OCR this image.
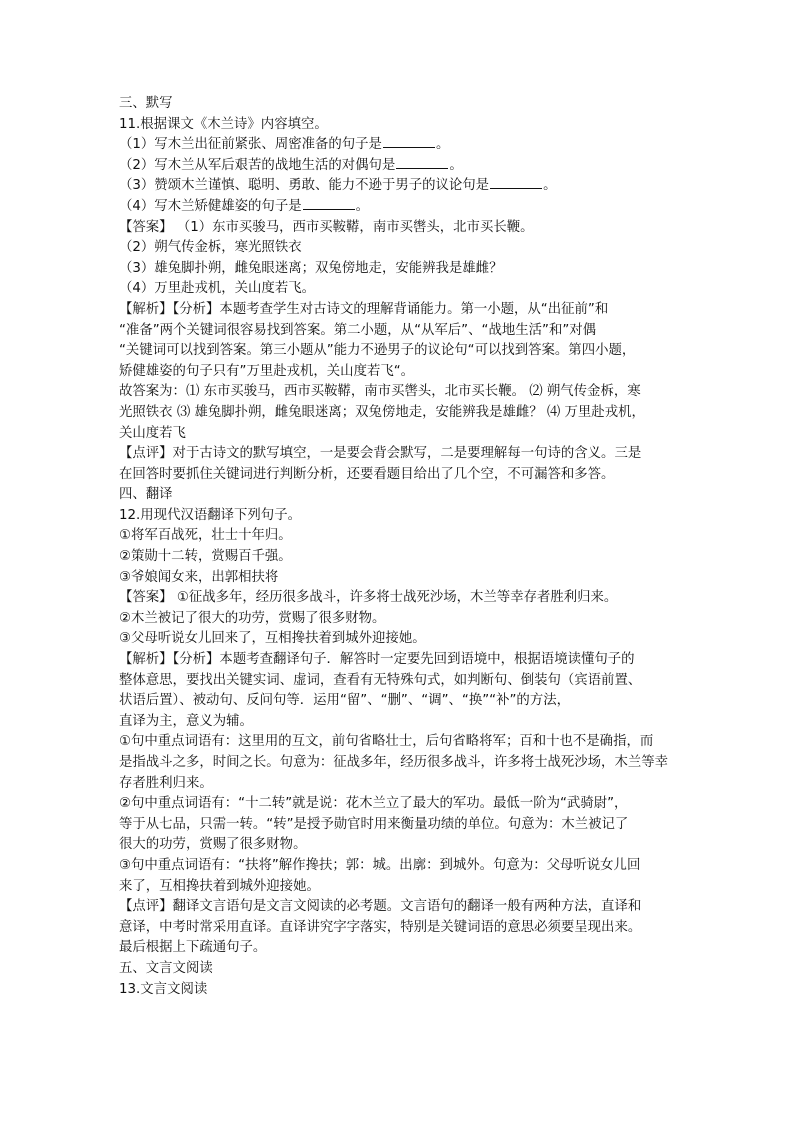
三、默写
11.根据课文《木兰诗》内容填空。
（1）写木兰出征前紧张、周密准备的句子是	。
（2）写木兰从军后艰苦的战地生活的对偶句是	。
（3）赞颂木兰谨慎、聪明、勇敢、能力不逊于男子的议论句是	。
（4）写木兰矫健雄姿的句子是	。
【答案】 （1）东市买骏马，西市买鞍鞯，南市买辔头，北市买长鞭。
（2）朔气传金柝，寒光照铁衣
（3）雄兔脚扑朔，雌兔眼迷离；双兔傍地走，安能辨我是雄雌？
（4）万里赴戎机，关山度若飞。
【解析】【分析】本题考查学生对古诗文的理解背诵能力。第一小题，从“出征前”和
“准备”两个关键词很容易找到答案。第二小题，从“从军后”、“战地生活”和”对偶
“关键词可以找到答案。第三小题从”能力不逊男子的议论句“可以找到答案。第四小题，
矫健雄姿的句子只有”万里赴戎机，关山度若飞“。
故答案为：⑴ 东市买骏马，西市买鞍鞯，南市买辔头，北市买长鞭。 ⑵ 朔气传金柝，寒
光照铁衣 ⑶ 雄兔脚扑朔，雌兔眼迷离；双兔傍地走，安能辨我是雄雌？ ⑷ 万里赴戎机，
关山度若飞
【点评】对于古诗文的默写填空，一是要会背会默写，二是要理解每一句诗的含义。三是
在回答时要抓住关键词进行判断分析，还要看题目给出了几个空，不可漏答和多答。
四、翻译
12.用现代汉语翻译下列句子。
①将军百战死，壮士十年归。
②策勋十二转，赏赐百千强。
③爷娘闻女来，出郭相扶将
【答案】 ①征战多年，经历很多战斗，许多将士战死沙场，木兰等幸存者胜利归来。
②木兰被记了很大的功劳，赏赐了很多财物。
③父母听说女儿回来了，互相搀扶着到城外迎接她。
【解析】【分析】本题考查翻译句子．解答时一定要先回到语境中，根据语境读懂句子的
整体意思，要找出关键实词、虚词，查看有无特殊句式，如判断句、倒装句（宾语前置、
状语后置）、被动句、反问句等．运用“留”、“删”、“调”、“换”“补”的方法，
直译为主，意义为辅。
①句中重点词语有：这里用的互文，前句省略壮士，后句省略将军；百和十也不是确指，而
是指战斗之多，时间之长。句意为：征战多年，经历很多战斗，许多将士战死沙场，木兰等幸
存者胜利归来。
②句中重点词语有：“十二转”就是说：花木兰立了最大的军功。最低一阶为“武骑尉”，
等于从七品，只需一转。“转”是授予勋官时用来衡量功绩的单位。句意为：木兰被记了
很大的功劳，赏赐了很多财物。
③句中重点词语有：“扶将”解作搀扶；郭：城。出廓：到城外。句意为：父母听说女儿回
来了，互相搀扶着到城外迎接她。
【点评】翻译文言语句是文言文阅读的必考题。文言语句的翻译一般有两种方法，直译和
意译，中考时常采用直译。直译讲究字字落实，特别是关键词语的意思必须要呈现出来。
最后根据上下疏通句子。
五、文言文阅读
13.文言文阅读
